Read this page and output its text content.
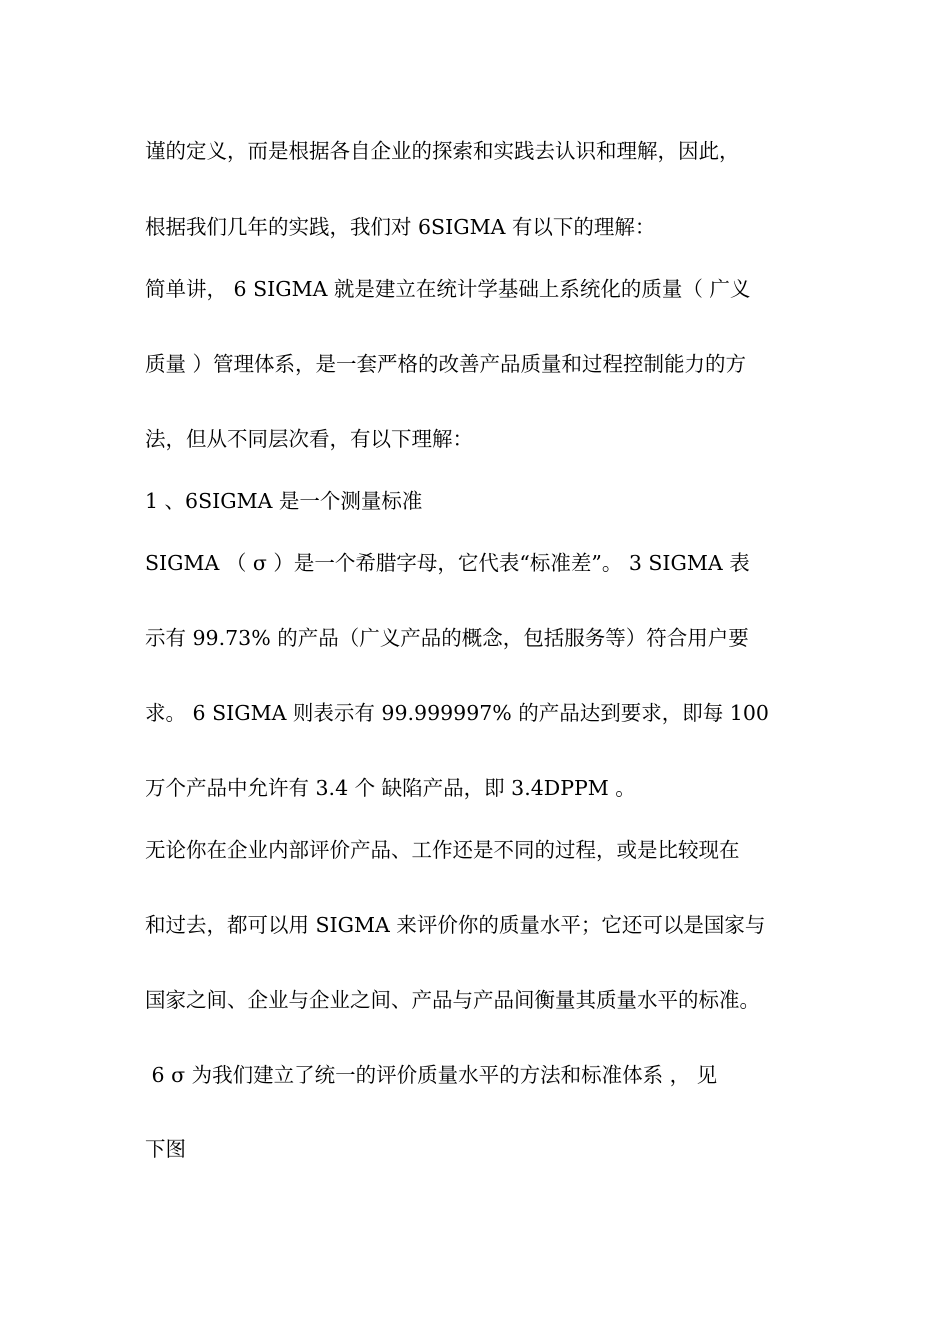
谨的定义，而是根据各自企业的探索和实践去认识和理解，因此，
根据我们几年的实践，我们对 6SIGMA 有以下的理解：
简单讲， 6 SIGMA 就是建立在统计学基础上系统化的质量（ 广义
质量 ）管理体系，是一套严格的改善产品质量和过程控制能力的方
法，但从不同层次看，有以下理解：
1 、6SIGMA 是一个测量标准
SIGMA （ σ ）是一个希腊字母，它代表“标准差”。 3 SIGMA 表
示有 99.73% 的产品（广义产品的概念，包括服务等）符合用户要
求。 6 SIGMA 则表示有 99.999997% 的产品达到要求，即每 100
万个产品中允许有 3.4 个 缺陷产品，即 3.4DPPM 。
无论你在企业内部评价产品、工作还是不同的过程，或是比较现在
和过去，都可以用 SIGMA 来评价你的质量水平；它还可以是国家与
国家之间、企业与企业之间、产品与产品间衡量其质量水平的标准。
6 σ 为我们建立了统一的评价质量水平的方法和标准体系 ， 见
下图
